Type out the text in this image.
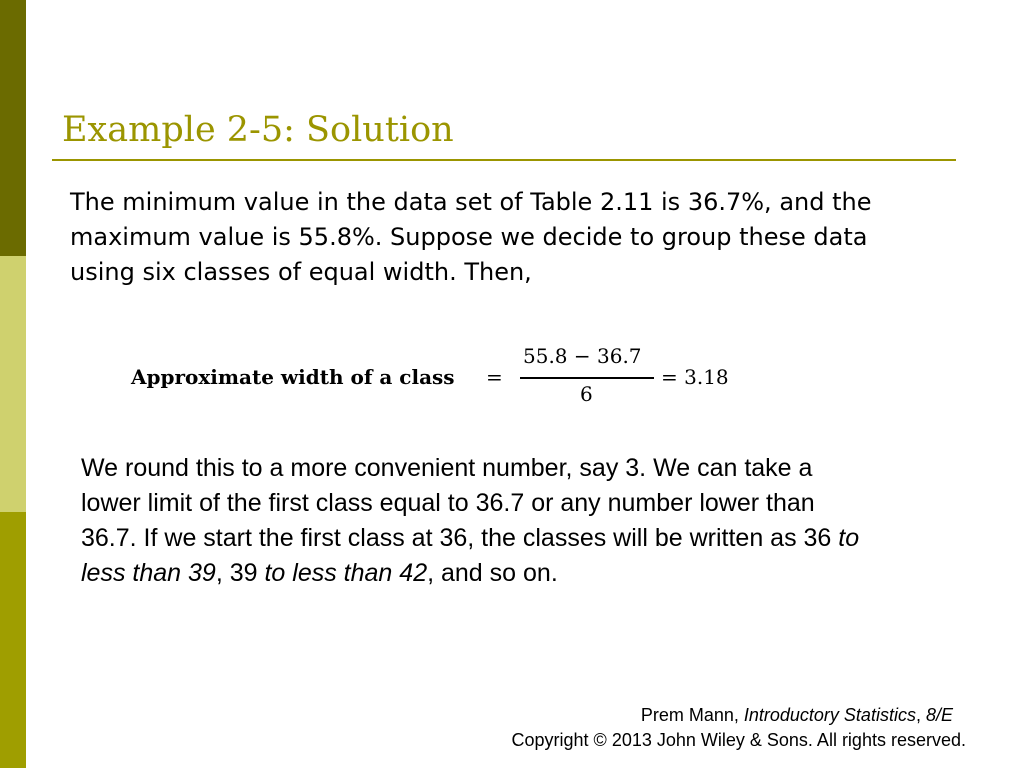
Example 2-5: Solution
The minimum value in the data set of Table 2.11 is 36.7%, and the
maximum value is 55.8%. Suppose we decide to group these data
using six classes of equal width. Then,
Approximate width of a class =
55.8 − 36.7
6
= 3.18
We round this to a more convenient number, say 3. We can take a
lower limit of the first class equal to 36.7 or any number lower than
36.7. If we start the first class at 36, the classes will be written as 36 to
less than 39, 39 to less than 42, and so on.
Prem Mann, Introductory Statistics, 8/E
Copyright © 2013 John Wiley & Sons. All rights reserved.
